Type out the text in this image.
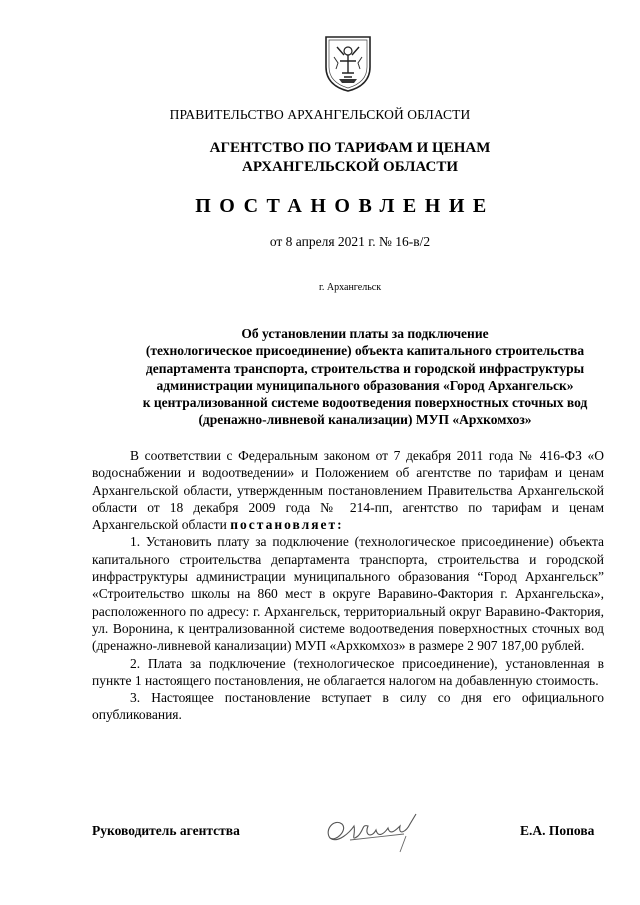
ПРАВИТЕЛЬСТВО АРХАНГЕЛЬСКОЙ ОБЛАСТИ
АГЕНТСТВО ПО ТАРИФАМ И ЦЕНАМ
АРХАНГЕЛЬСКОЙ ОБЛАСТИ
ПОСТАНОВЛЕНИЕ
от 8 апреля 2021 г. № 16-в/2
г. Архангельск
Об установлении платы за подключение
(технологическое присоединение) объекта капитального строительства
департамента транспорта, строительства и городской инфраструктуры
администрации муниципального образования «Город Архангельск»
к централизованной системе водоотведения поверхностных сточных вод
(дренажно-ливневой канализации) МУП «Архкомхоз»

В соответствии с Федеральным законом от 7 декабря 2011 года № 416-ФЗ «О водоснабжении и водоотведении» и Положением об агентстве по тарифам и ценам Архангельской области, утвержденным постановлением Правительства Архангельской области от 18 декабря 2009 года № 214-пп, агентство по тарифам и ценам Архангельской области постановляет:

1. Установить плату за подключение (технологическое присоединение) объекта капитального строительства департамента транспорта, строительства и городской инфраструктуры администрации муниципального образования “Город Архангельск” «Строительство школы на 860 мест в округе Варавино-Фактория г. Архангельска», расположенного по адресу: г. Архангельск, территориальный округ Варавино-Фактория, ул. Воронина, к централизованной системе водоотведения поверхностных сточных вод (дренажно-ливневой канализации) МУП «Архкомхоз» в размере 2 907 187,00 рублей.

2. Плата за подключение (технологическое присоединение), установленная в пункте 1 настоящего постановления, не облагается налогом на добавленную стоимость.

3. Настоящее постановление вступает в силу со дня его официального опубликования.

Руководитель агентства	Е.А. Попова
